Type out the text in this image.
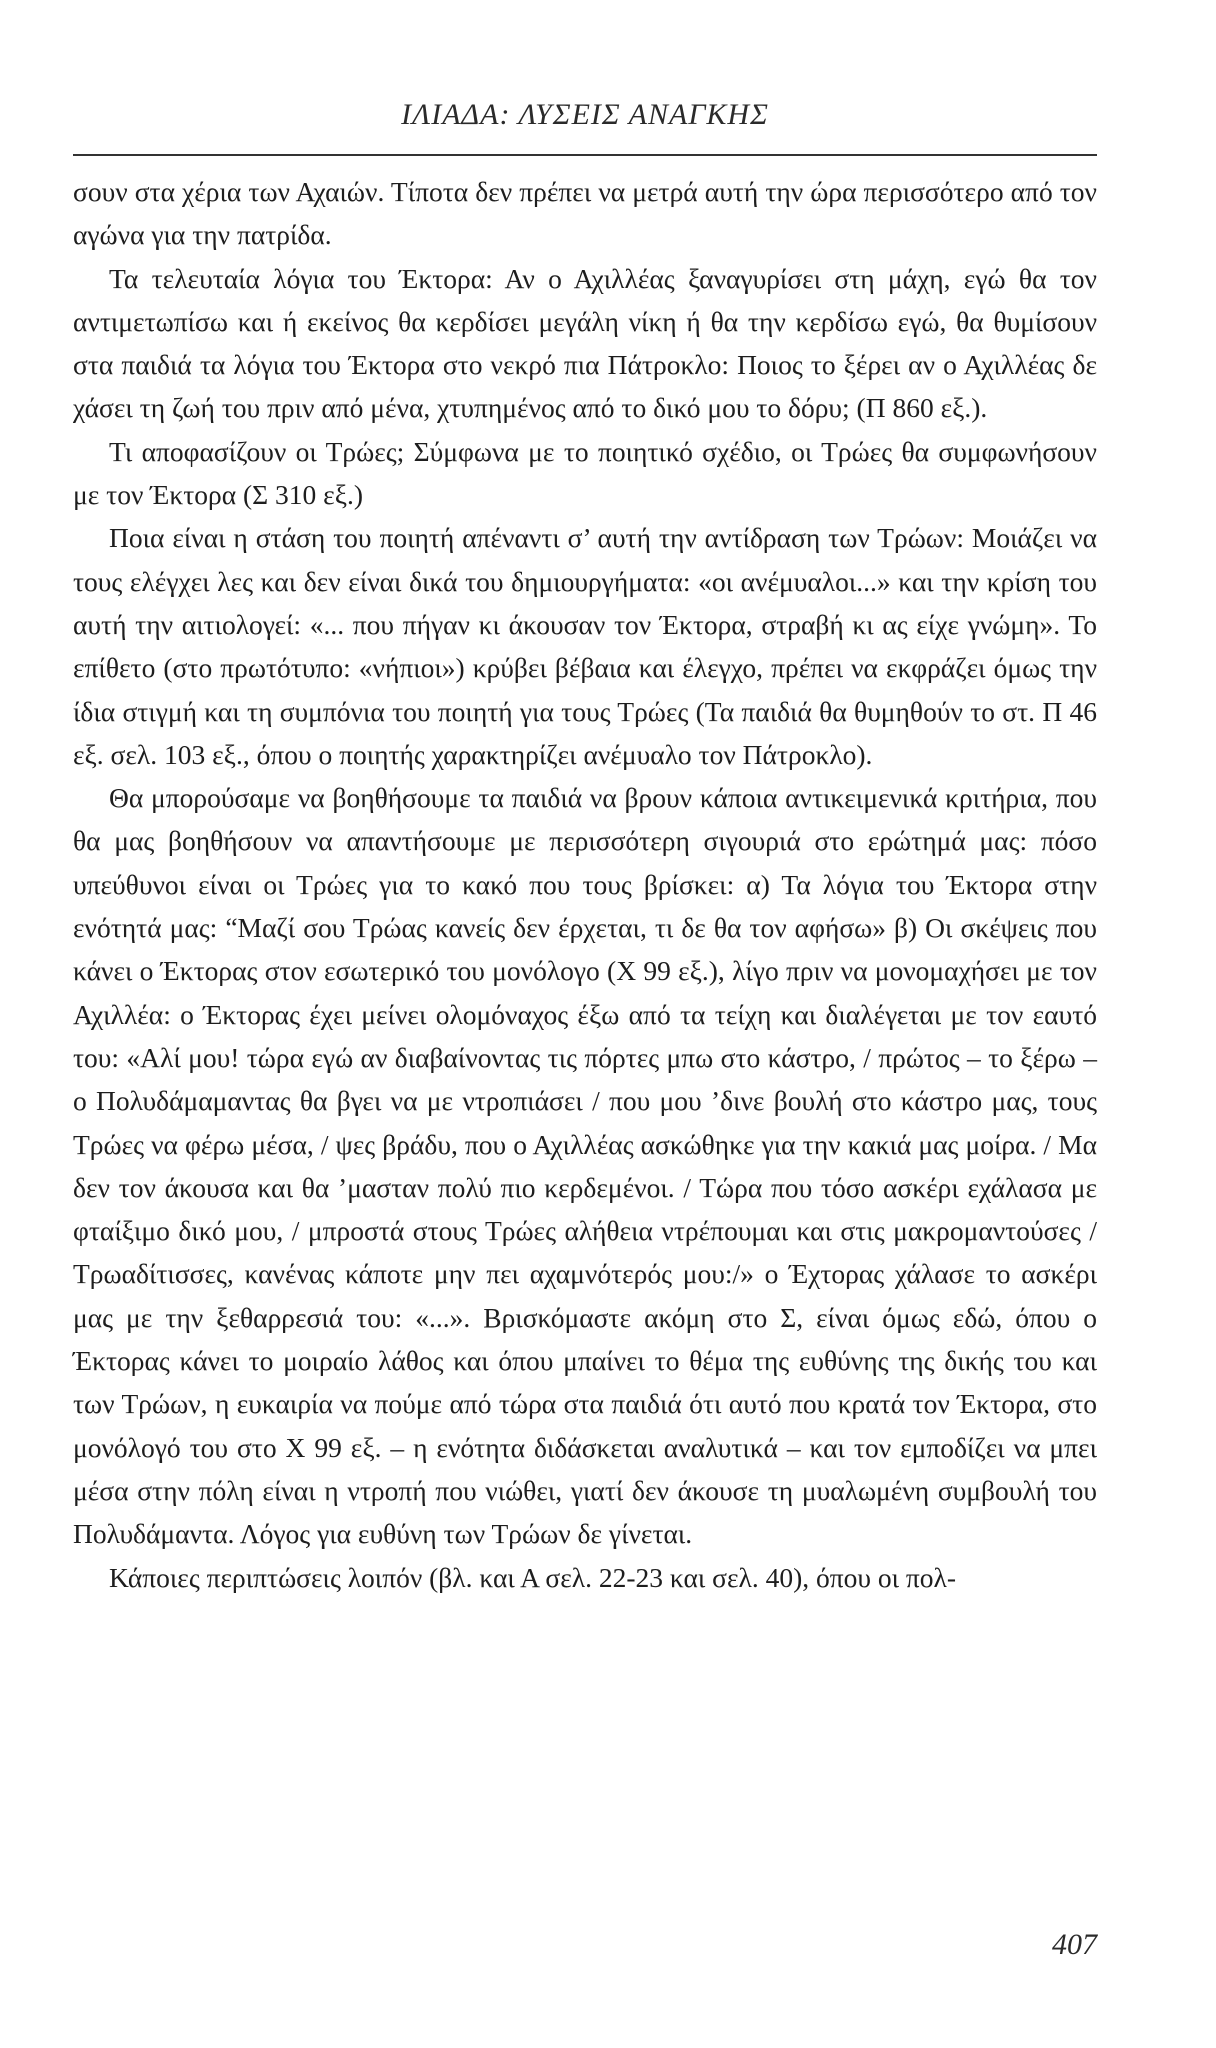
ΙΛΙΑΔΑ: ΛΥΣΕΙΣ ΑΝΑΓΚΗΣ

σουν στα χέρια των Αχαιών. Τίποτα δεν πρέπει να μετρά αυτή την ώρα περισσότερο από τον αγώνα για την πατρίδα.

Τα τελευταία λόγια του Έκτορα: Αν ο Αχιλλέας ξαναγυρίσει στη μάχη, εγώ θα τον αντιμετωπίσω και ή εκείνος θα κερδίσει μεγάλη νίκη ή θα την κερδίσω εγώ, θα θυμίσουν στα παιδιά τα λόγια του Έκτορα στο νεκρό πια Πάτροκλο: Ποιος το ξέρει αν ο Αχιλλέας δε χάσει τη ζωή του πριν από μένα, χτυπημένος από το δικό μου το δόρυ; (Π 860 εξ.).

Τι αποφασίζουν οι Τρώες; Σύμφωνα με το ποιητικό σχέδιο, οι Τρώες θα συμφωνήσουν με τον Έκτορα (Σ 310 εξ.)

Ποια είναι η στάση του ποιητή απέναντι σ’ αυτή την αντίδραση των Τρώων: Μοιάζει να τους ελέγχει λες και δεν είναι δικά του δημιουργήματα: «οι ανέμυαλοι...» και την κρίση του αυτή την αιτιολογεί: «... που πήγαν κι άκουσαν τον Έκτορα, στραβή κι ας είχε γνώμη». Το επίθετο (στο πρωτότυπο: «νήπιοι») κρύβει βέβαια και έλεγχο, πρέπει να εκφράζει όμως την ίδια στιγμή και τη συμπόνια του ποιητή για τους Τρώες (Τα παιδιά θα θυμηθούν το στ. Π 46 εξ. σελ. 103 εξ., όπου ο ποιητής χαρακτηρίζει ανέμυαλο τον Πάτροκλο).

Θα μπορούσαμε να βοηθήσουμε τα παιδιά να βρουν κάποια αντικειμενικά κριτήρια, που θα μας βοηθήσουν να απαντήσουμε με περισσότερη σιγουριά στο ερώτημά μας: πόσο υπεύθυνοι είναι οι Τρώες για το κακό που τους βρίσκει: α) Τα λόγια του Έκτορα στην ενότητά μας: “Μαζί σου Τρώας κανείς δεν έρχεται, τι δε θα τον αφήσω» β) Οι σκέψεις που κάνει ο Έκτορας στον εσωτερικό του μονόλογο (Χ 99 εξ.), λίγο πριν να μονομαχήσει με τον Αχιλλέα: ο Έκτορας έχει μείνει ολομόναχος έξω από τα τείχη και διαλέγεται με τον εαυτό του: «Αλί μου! τώρα εγώ αν διαβαίνοντας τις πόρτες μπω στο κάστρο, / πρώτος – το ξέρω – ο Πολυδάμαμαντας θα βγει να με ντροπιάσει / που μου ’δινε βουλή στο κάστρο μας, τους Τρώες να φέρω μέσα, / ψες βράδυ, που ο Αχιλλέας ασκώθηκε για την κακιά μας μοίρα. / Μα δεν τον άκουσα και θα ’μασταν πολύ πιο κερδεμένοι. / Τώρα που τόσο ασκέρι εχάλασα με φταίξιμο δικό μου, / μπροστά στους Τρώες αλήθεια ντρέπουμαι και στις μακρομαντούσες / Τρωαδίτισσες, κανένας κάποτε μην πει αχαμνότερός μου:/» ο Έχτορας χάλασε το ασκέρι μας με την ξεθαρρεσιά του: «...». Βρισκόμαστε ακόμη στο Σ, είναι όμως εδώ, όπου ο Έκτορας κάνει το μοιραίο λάθος και όπου μπαίνει το θέμα της ευθύνης της δικής του και των Τρώων, η ευκαιρία να πούμε από τώρα στα παιδιά ότι αυτό που κρατά τον Έκτορα, στο μονόλογό του στο Χ 99 εξ. – η ενότητα διδάσκεται αναλυτικά – και τον εμποδίζει να μπει μέσα στην πόλη είναι η ντροπή που νιώθει, γιατί δεν άκουσε τη μυαλωμένη συμβουλή του Πολυδάμαντα. Λόγος για ευθύνη των Τρώων δε γίνεται.

Κάποιες περιπτώσεις λοιπόν (βλ. και Α σελ. 22-23 και σελ. 40), όπου οι πολ-

407
